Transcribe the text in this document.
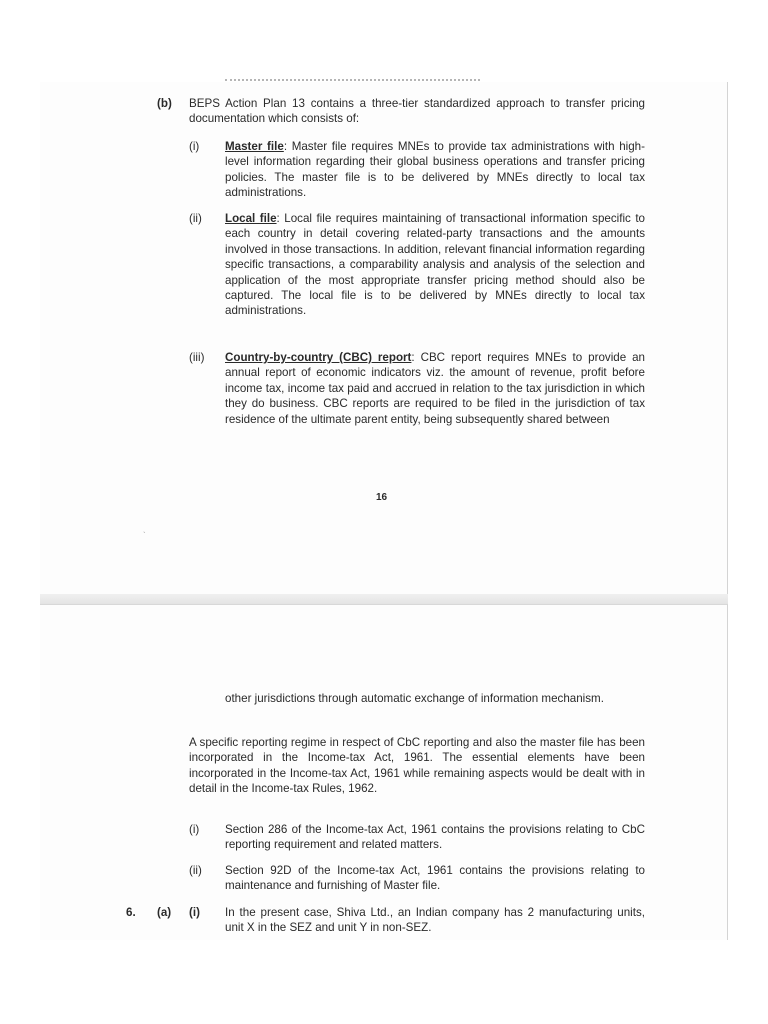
(b) BEPS Action Plan 13 contains a three-tier standardized approach to transfer pricing documentation which consists of:
(i) Master file: Master file requires MNEs to provide tax administrations with high-level information regarding their global business operations and transfer pricing policies. The master file is to be delivered by MNEs directly to local tax administrations.
(ii) Local file: Local file requires maintaining of transactional information specific to each country in detail covering related-party transactions and the amounts involved in those transactions. In addition, relevant financial information regarding specific transactions, a comparability analysis and analysis of the selection and application of the most appropriate transfer pricing method should also be captured. The local file is to be delivered by MNEs directly to local tax administrations.
(iii) Country-by-country (CBC) report: CBC report requires MNEs to provide an annual report of economic indicators viz. the amount of revenue, profit before income tax, income tax paid and accrued in relation to the tax jurisdiction in which they do business. CBC reports are required to be filed in the jurisdiction of tax residence of the ultimate parent entity, being subsequently shared between
16
`
other jurisdictions through automatic exchange of information mechanism.
A specific reporting regime in respect of CbC reporting and also the master file has been incorporated in the Income-tax Act, 1961. The essential elements have been incorporated in the Income-tax Act, 1961 while remaining aspects would be dealt with in detail in the Income-tax Rules, 1962.
(i) Section 286 of the Income-tax Act, 1961 contains the provisions relating to CbC reporting requirement and related matters.
(ii) Section 92D of the Income-tax Act, 1961 contains the provisions relating to maintenance and furnishing of Master file.
6. (a) (i) In the present case, Shiva Ltd., an Indian company has 2 manufacturing units, unit X in the SEZ and unit Y in non-SEZ.
